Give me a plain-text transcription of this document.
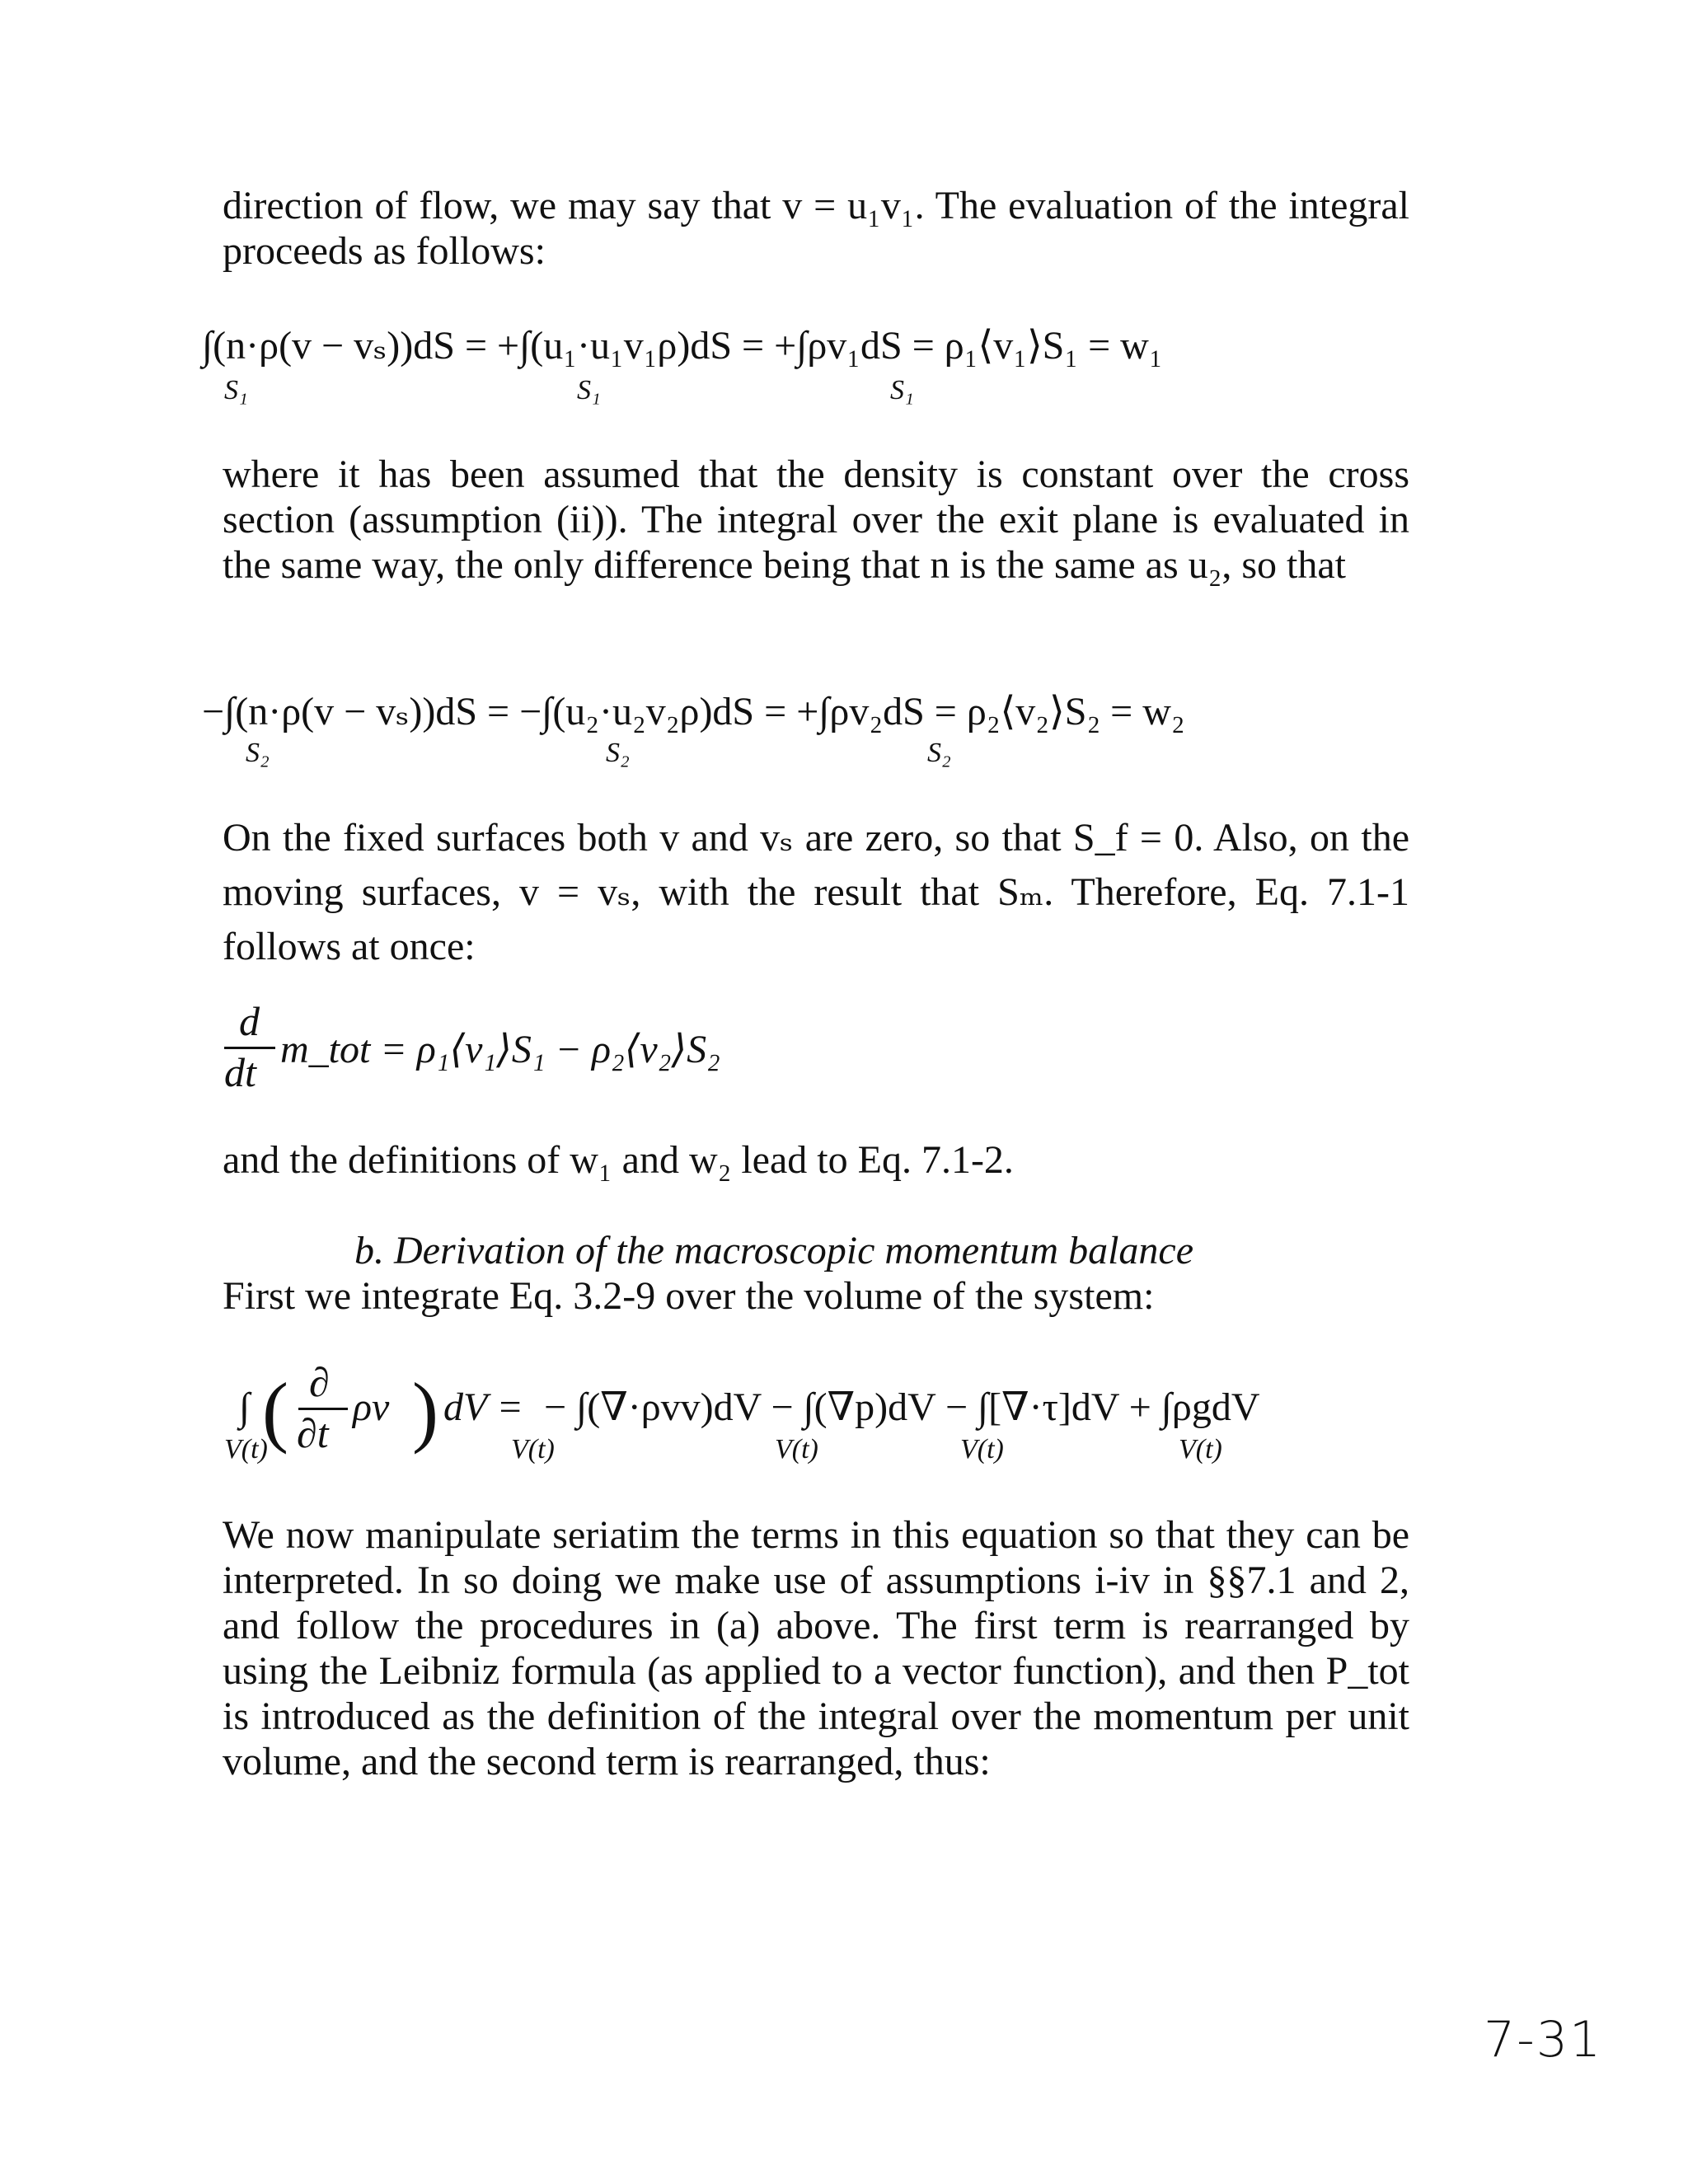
direction of flow, we may say that v = u₁v₁. The evaluation of the integral proceeds as follows:

∫(n·ρ(v − vₛ))dS = +∫(u₁·u₁v₁ρ)dS = +∫ρv₁dS = ρ₁⟨v₁⟩S₁ = w₁
S₁	S₁	S₁

where it has been assumed that the density is constant over the cross section (assumption (ii)). The integral over the exit plane is evaluated in the same way, the only difference being that n is the same as u₂, so that

−∫(n·ρ(v − vₛ))dS = −∫(u₂·u₂v₂ρ)dS = +∫ρv₂dS = ρ₂⟨v₂⟩S₂ = w₂
S₂	S₂	S₂

On the fixed surfaces both v and vₛ are zero, so that S_f = 0. Also, on the moving surfaces, v = vₛ, with the result that Sₘ. Therefore, Eq. 7.1-1 follows at once:

d
dt m_tot = ρ₁⟨v₁⟩S₁ − ρ₂⟨v₂⟩S₂

and the definitions of w₁ and w₂ lead to Eq. 7.1-2.

b. Derivation of the macroscopic momentum balance

First we integrate Eq. 3.2-9 over the volume of the system:

∫ ( ∂
∂t
ρv ) dV = − ∫(∇·ρvv)dV − ∫(∇p)dV − ∫[∇·τ]dV + ∫ρgdV
V(t)	V(t)	V(t)	V(t)	V(t)

We now manipulate seriatim the terms in this equation so that they can be interpreted. In so doing we make use of assumptions i-iv in §§7.1 and 2, and follow the procedures in (a) above. The first term is rearranged by using the Leibniz formula (as applied to a vector function), and then P_tot is introduced as the definition of the integral over the momentum per unit volume, and the second term is rearranged, thus:

7-31
